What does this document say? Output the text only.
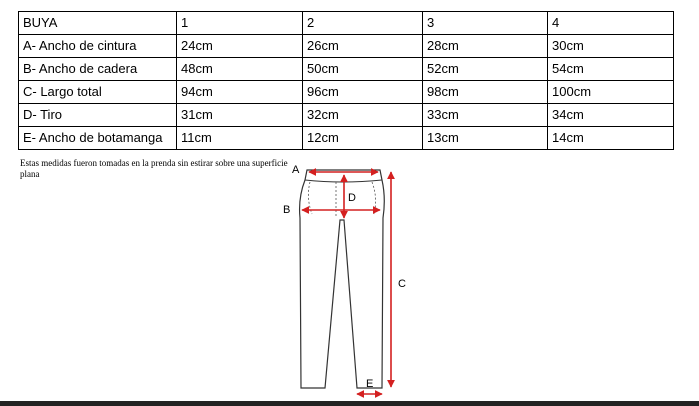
BUYA	1	2	3	4
A- Ancho de cintura	24cm	26cm	28cm	30cm
B- Ancho de cadera	48cm	50cm	52cm	54cm
C- Largo total	94cm	96cm	98cm	100cm
D- Tiro	31cm	32cm	33cm	34cm
E- Ancho de botamanga	11cm	12cm	13cm	14cm
Estas medidas fueron tomadas en la prenda sin estirar sobre una superficie plana	A
B
D
C
E
